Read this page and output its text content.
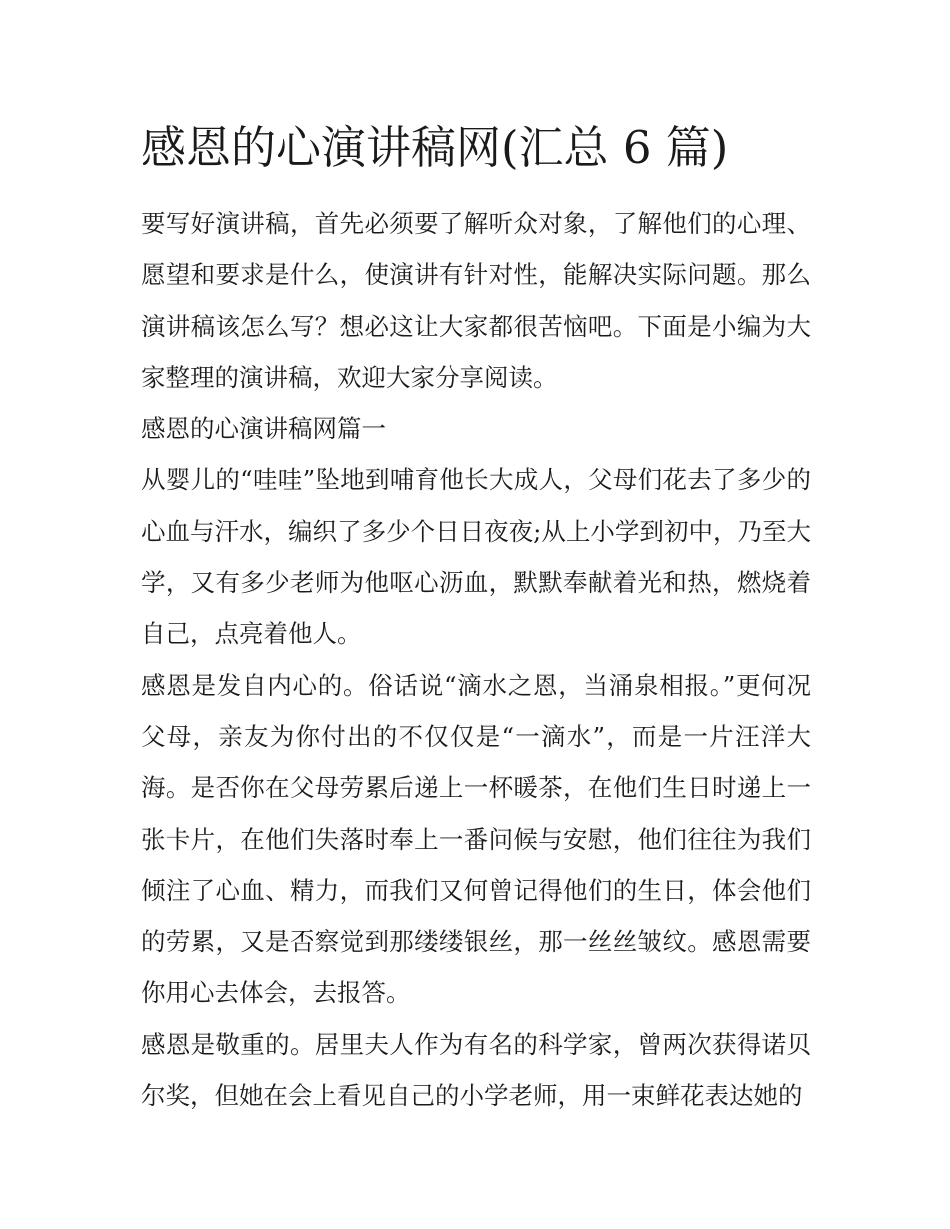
感恩的心演讲稿网(汇总 6 篇)

要写好演讲稿，首先必须要了解听众对象，了解他们的心理、愿望和要求是什么，使演讲有针对性，能解决实际问题。那么演讲稿该怎么写？想必这让大家都很苦恼吧。下面是小编为大家整理的演讲稿，欢迎大家分享阅读。

感恩的心演讲稿网篇一

从婴儿的“哇哇”坠地到哺育他长大成人，父母们花去了多少的心血与汗水，编织了多少个日日夜夜;从上小学到初中，乃至大学，又有多少老师为他呕心沥血，默默奉献着光和热，燃烧着自己，点亮着他人。

感恩是发自内心的。俗话说“滴水之恩，当涌泉相报。”更何况父母，亲友为你付出的不仅仅是“一滴水”，而是一片汪洋大海。是否你在父母劳累后递上一杯暖茶，在他们生日时递上一张卡片，在他们失落时奉上一番问候与安慰，他们往往为我们倾注了心血、精力，而我们又何曾记得他们的生日，体会他们的劳累，又是否察觉到那缕缕银丝，那一丝丝皱纹。感恩需要你用心去体会，去报答。

感恩是敬重的。居里夫人作为有名的科学家，曾两次获得诺贝尔奖，但她在会上看见自己的小学老师，用一束鲜花表达她的
